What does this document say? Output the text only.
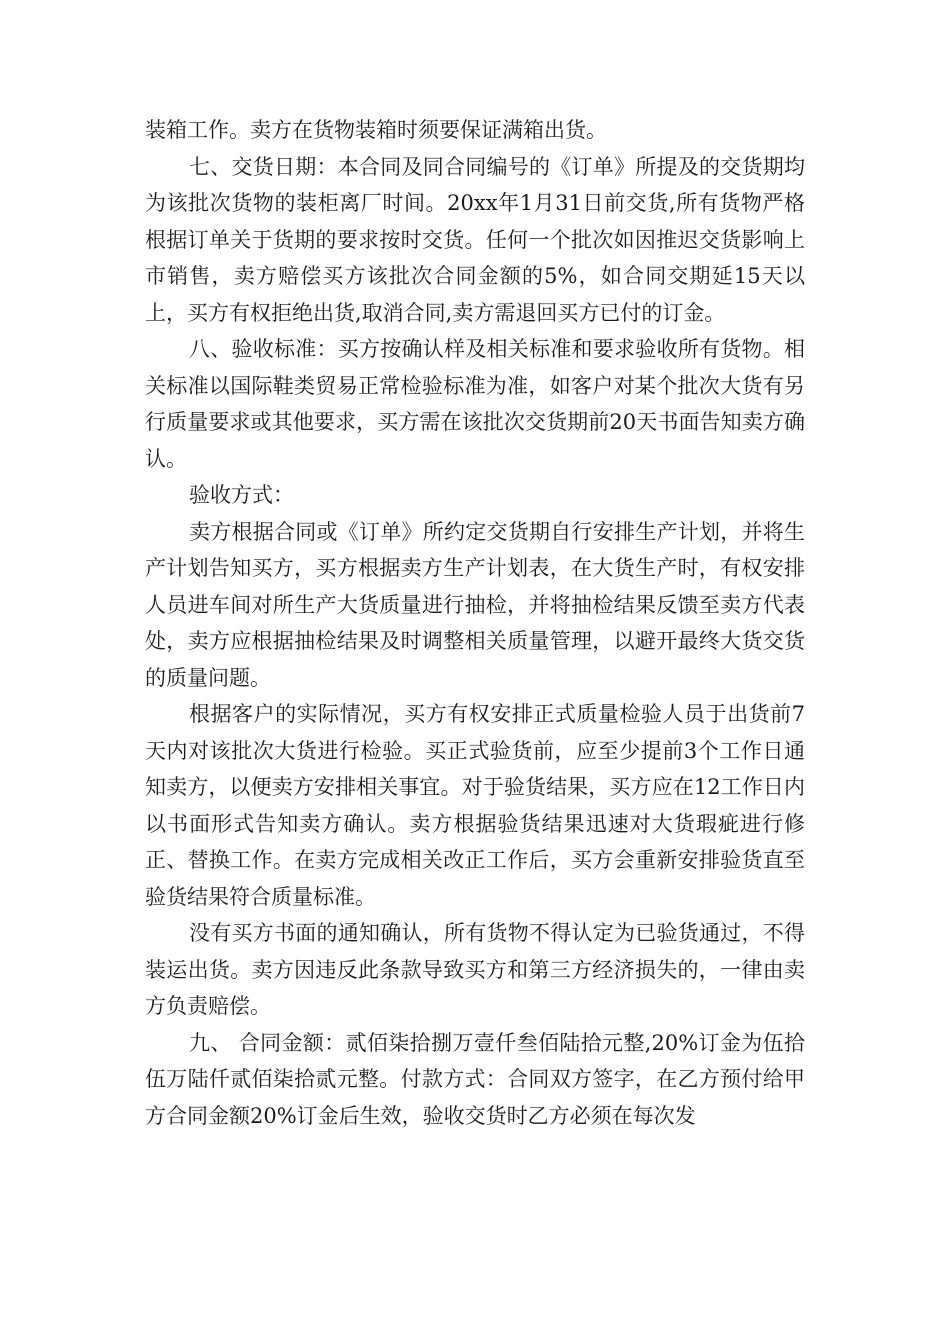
装箱工作。卖方在货物装箱时须要保证满箱出货。

七、交货日期：本合同及同合同编号的《订单》所提及的交货期均为该批次货物的装柜离厂时间。20xx年1月31日前交货,所有货物严格根据订单关于货期的要求按时交货。任何一个批次如因推迟交货影响上市销售，卖方赔偿买方该批次合同金额的5%，如合同交期延15天以上，买方有权拒绝出货,取消合同,卖方需退回买方已付的订金。

八、验收标准：买方按确认样及相关标准和要求验收所有货物。相关标准以国际鞋类贸易正常检验标准为准，如客户对某个批次大货有另行质量要求或其他要求，买方需在该批次交货期前20天书面告知卖方确认。

验收方式：

卖方根据合同或《订单》所约定交货期自行安排生产计划，并将生产计划告知买方，买方根据卖方生产计划表，在大货生产时，有权安排人员进车间对所生产大货质量进行抽检，并将抽检结果反馈至卖方代表处，卖方应根据抽检结果及时调整相关质量管理，以避开最终大货交货的质量问题。

根据客户的实际情况，买方有权安排正式质量检验人员于出货前7天内对该批次大货进行检验。买正式验货前，应至少提前3个工作日通知卖方，以便卖方安排相关事宜。对于验货结果，买方应在12工作日内以书面形式告知卖方确认。卖方根据验货结果迅速对大货瑕疵进行修正、替换工作。在卖方完成相关改正工作后，买方会重新安排验货直至验货结果符合质量标准。

没有买方书面的通知确认，所有货物不得认定为已验货通过，不得装运出货。卖方因违反此条款导致买方和第三方经济损失的，一律由卖方负责赔偿。

九、 合同金额：贰佰柒拾捌万壹仟叁佰陆拾元整,20%订金为伍拾伍万陆仟贰佰柒拾贰元整。付款方式：合同双方签字，在乙方预付给甲方合同金额20%订金后生效，验收交货时乙方必须在每次发
